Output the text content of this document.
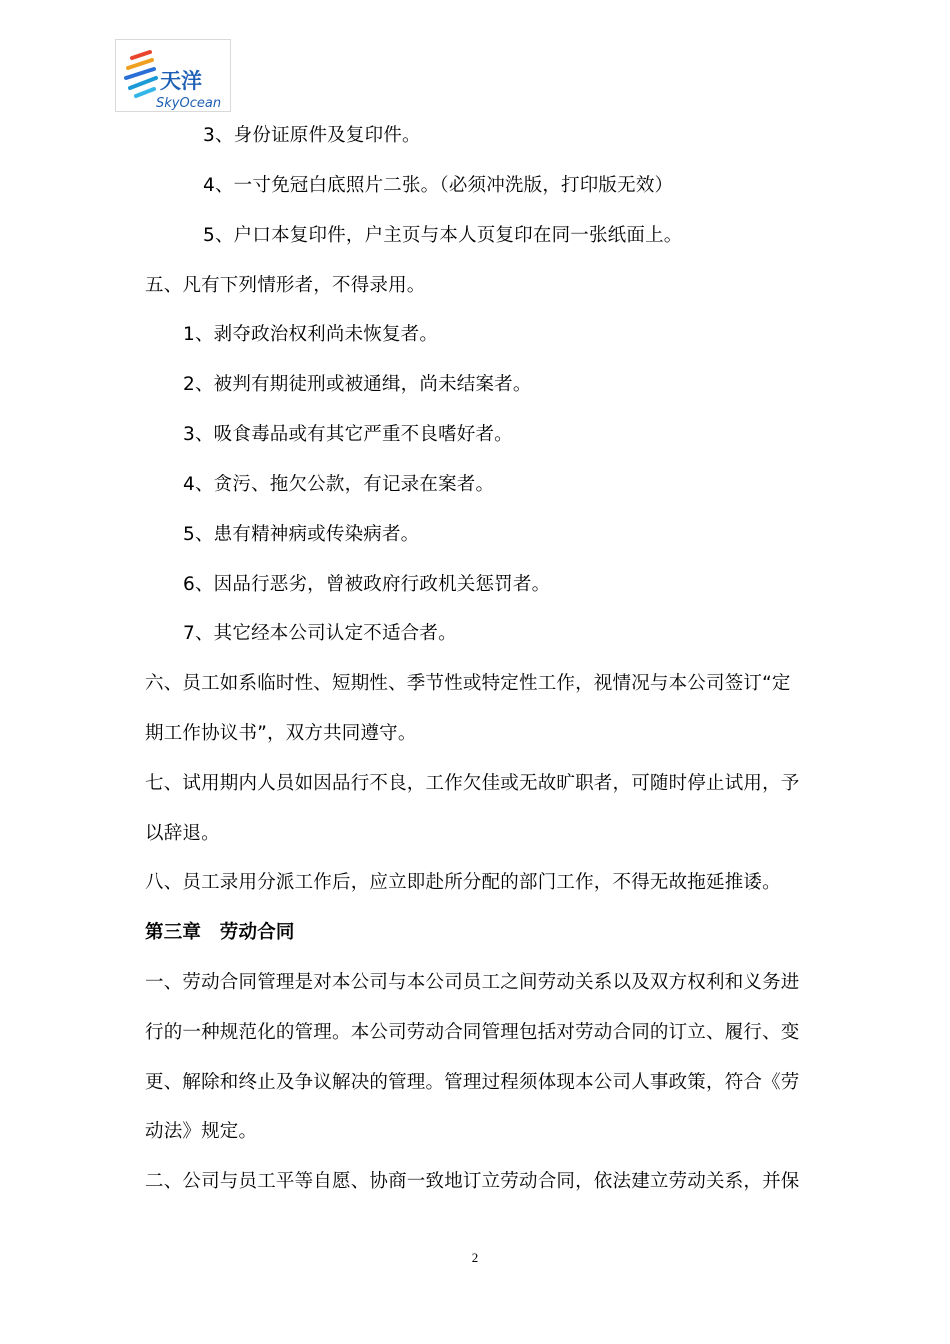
天洋
SkyOcean
3、身份证原件及复印件。
4、一寸免冠白底照片二张。（必须冲洗版，打印版无效）
5、户口本复印件，户主页与本人页复印在同一张纸面上。
五、凡有下列情形者，不得录用。
1、剥夺政治权利尚未恢复者。
2、被判有期徒刑或被通缉，尚未结案者。
3、吸食毒品或有其它严重不良嗜好者。
4、贪污、拖欠公款，有记录在案者。
5、患有精神病或传染病者。
6、因品行恶劣，曾被政府行政机关惩罚者。
7、其它经本公司认定不适合者。
六、员工如系临时性、短期性、季节性或特定性工作，视情况与本公司签订“定
期工作协议书”，双方共同遵守。
七、试用期内人员如因品行不良，工作欠佳或无故旷职者，可随时停止试用，予
以辞退。
八、员工录用分派工作后，应立即赴所分配的部门工作，不得无故拖延推诿。
第三章　劳动合同
一、劳动合同管理是对本公司与本公司员工之间劳动关系以及双方权利和义务进
行的一种规范化的管理。本公司劳动合同管理包括对劳动合同的订立、履行、变
更、解除和终止及争议解决的管理。管理过程须体现本公司人事政策，符合《劳
动法》规定。
二、公司与员工平等自愿、协商一致地订立劳动合同，依法建立劳动关系，并保
2
